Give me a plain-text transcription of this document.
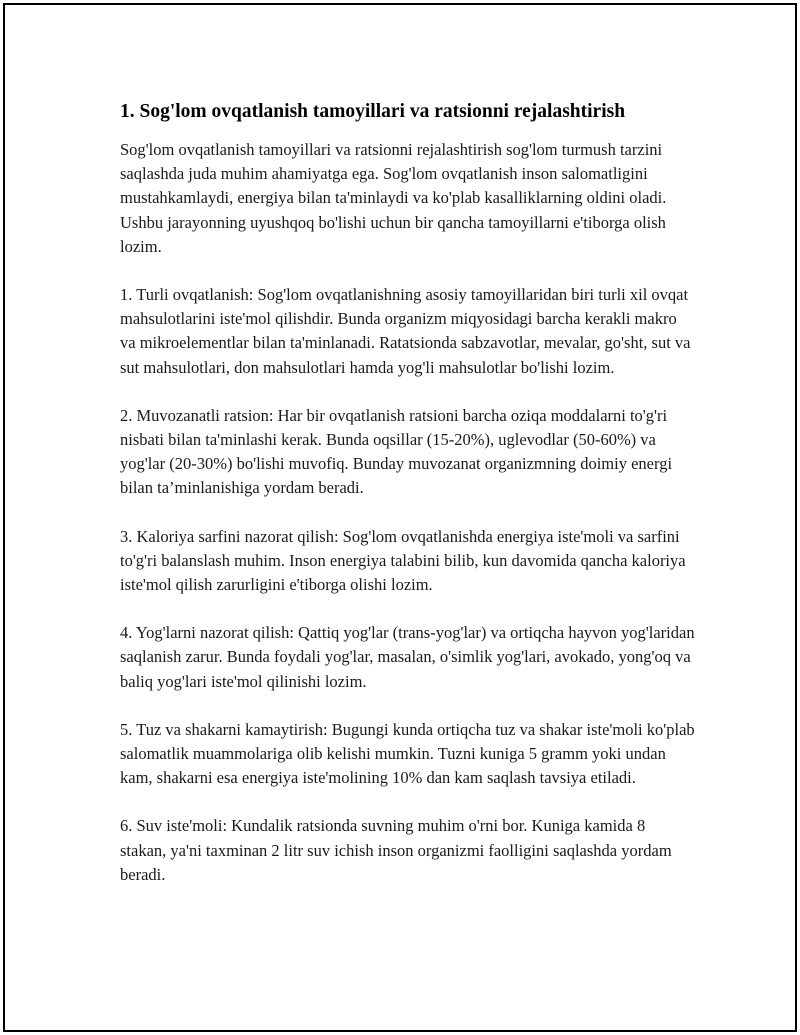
1. Sog'lom ovqatlanish tamoyillari va ratsionni rejalashtirish

Sog'lom ovqatlanish tamoyillari va ratsionni rejalashtirish sog'lom turmush tarzini saqlashda juda muhim ahamiyatga ega. Sog'lom ovqatlanish inson salomatligini mustahkamlaydi, energiya bilan ta'minlaydi va ko'plab kasalliklarning oldini oladi. Ushbu jarayonning uyushqoq bo'lishi uchun bir qancha tamoyillarni e'tiborga olish lozim.

1. Turli ovqatlanish: Sog'lom ovqatlanishning asosiy tamoyillaridan biri turli xil ovqat mahsulotlarini iste'mol qilishdir. Bunda organizm miqyosidagi barcha kerakli makro va mikroelementlar bilan ta'minlanadi. Ratatsionda sabzavotlar, mevalar, go'sht, sut va sut mahsulotlari, don mahsulotlari hamda yog'li mahsulotlar bo'lishi lozim.

2. Muvozanatli ratsion: Har bir ovqatlanish ratsioni barcha oziqa moddalarni to'g'ri nisbati bilan ta'minlashi kerak. Bunda oqsillar (15-20%), uglevodlar (50-60%) va yog'lar (20-30%) bo'lishi muvofiq. Bunday muvozanat organizmning doimiy energi bilan ta’minlanishiga yordam beradi.

3. Kaloriya sarfini nazorat qilish: Sog'lom ovqatlanishda energiya iste'moli va sarfini to'g'ri balanslash muhim. Inson energiya talabini bilib, kun davomida qancha kaloriya iste'mol qilish zarurligini e'tiborga olishi lozim.

4. Yog'larni nazorat qilish: Qattiq yog'lar (trans-yog'lar) va ortiqcha hayvon yog'laridan saqlanish zarur. Bunda foydali yog'lar, masalan, o'simlik yog'lari, avokado, yong'oq va baliq yog'lari iste'mol qilinishi lozim.

5. Tuz va shakarni kamaytirish: Bugungi kunda ortiqcha tuz va shakar iste'moli ko'plab salomatlik muammolariga olib kelishi mumkin. Tuzni kuniga 5 gramm yoki undan kam, shakarni esa energiya iste'molining 10% dan kam saqlash tavsiya etiladi.

6. Suv iste'moli: Kundalik ratsionda suvning muhim o'rni bor. Kuniga kamida 8 stakan, ya'ni taxminan 2 litr suv ichish inson organizmi faolligini saqlashda yordam beradi.
